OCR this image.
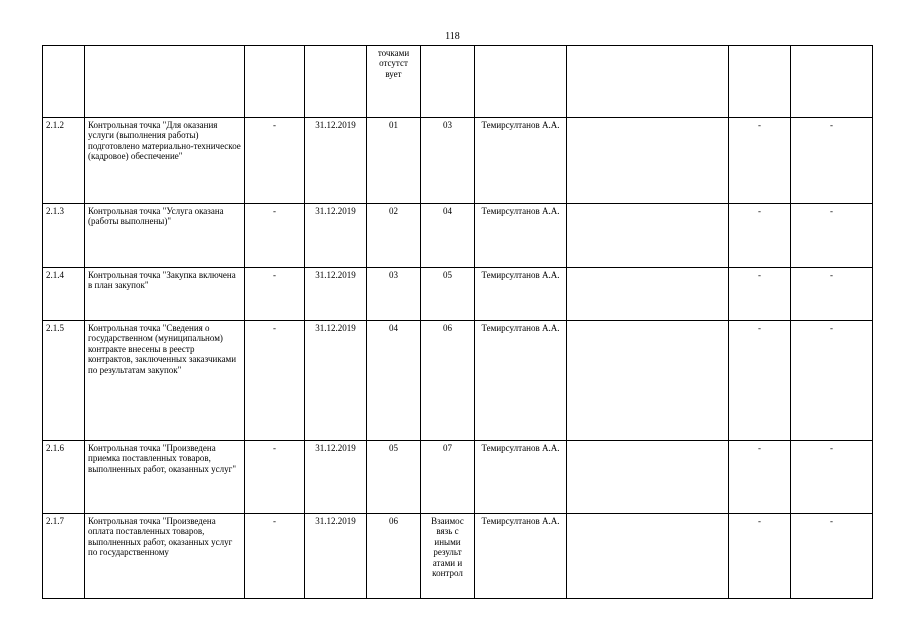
118
				точками отсутст вует					
2.1.2	Контрольная точка "Для оказания услуги (выполнения работы) подготовлено материально-техническое (кадровое) обеспечение"	-	31.12.2019	01	03	Темирсултанов А.А.		-	-
2.1.3	Контрольная точка "Услуга оказана (работы выполнены)"	-	31.12.2019	02	04	Темирсултанов А.А.		-	-
2.1.4	Контрольная точка "Закупка включена в план закупок"	-	31.12.2019	03	05	Темирсултанов А.А.		-	-
2.1.5	Контрольная точка "Сведения о государственном (муниципальном) контракте внесены в реестр контрактов, заключенных заказчиками по результатам закупок"	-	31.12.2019	04	06	Темирсултанов А.А.		-	-
2.1.6	Контрольная точка "Произведена приемка поставленных товаров, выполненных работ, оказанных услуг"	-	31.12.2019	05	07	Темирсултанов А.А.		-	-
2.1.7	Контрольная точка "Произведена оплата поставленных товаров, выполненных работ, оказанных услуг по государственному	-	31.12.2019	06	Взаимос вязь с иными результ атами и контрол	Темирсултанов А.А.		-	-
